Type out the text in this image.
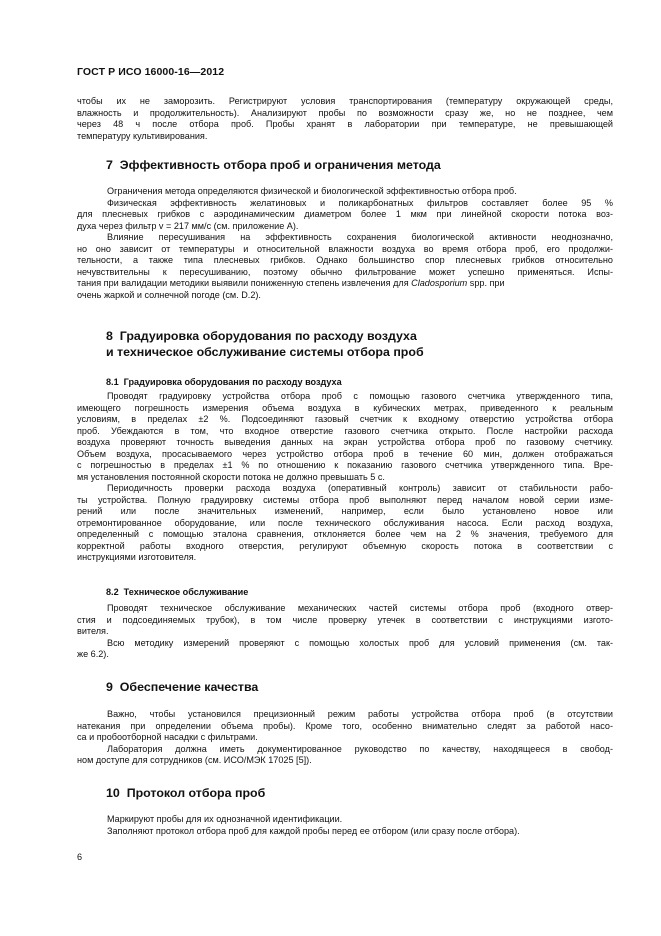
ГОСТ Р ИСО 16000-16—2012
чтобы их не заморозить. Регистрируют условия транспортирования (температуру окружающей среды,
влажность и продолжительность). Анализируют пробы по возможности сразу же, но не позднее, чем
через 48 ч после отбора проб. Пробы хранят в лаборатории при температуре, не превышающей
температуру культивирования.
7 Эффективность отбора проб и ограничения метода
Ограничения метода определяются физической и биологической эффективностью отбора проб.
Физическая эффективность желатиновых и поликарбонатных фильтров составляет более 95 %
для плесневых грибков с аэродинамическим диаметром более 1 мкм при линейной скорости потока воз-
духа через фильтр v = 217 мм/с (см. приложение А).
Влияние пересушивания на эффективность сохранения биологической активности неоднозначно,
но оно зависит от температуры и относительной влажности воздуха во время отбора проб, его продолжи-
тельности, а также типа плесневых грибков. Однако большинство спор плесневых грибков относительно
нечувствительны к пересушиванию, поэтому обычно фильтрование может успешно применяться. Испы-
тания при валидации методики выявили пониженную степень извлечения для Cladosporium spp. при
очень жаркой и солнечной погоде (см. D.2).
8 Градуировка оборудования по расходу воздуха
и техническое обслуживание системы отбора проб
8.1 Градуировка оборудования по расходу воздуха
Проводят градуировку устройства отбора проб с помощью газового счетчика утвержденного типа,
имеющего погрешность измерения объема воздуха в кубических метрах, приведенного к реальным
условиям, в пределах ±2 %. Подсоединяют газовый счетчик к входному отверстию устройства отбора
проб. Убеждаются в том, что входное отверстие газового счетчика открыто. После настройки расхода
воздуха проверяют точность выведения данных на экран устройства отбора проб по газовому счетчику.
Объем воздуха, просасываемого через устройство отбора проб в течение 60 мин, должен отображаться
с погрешностью в пределах ±1 % по отношению к показанию газового счетчика утвержденного типа. Вре-
мя установления постоянной скорости потока не должно превышать 5 с.
Периодичность проверки расхода воздуха (оперативный контроль) зависит от стабильности рабо-
ты устройства. Полную градуировку системы отбора проб выполняют перед началом новой серии изме-
рений или после значительных изменений, например, если было установлено новое или
отремонтированное оборудование, или после технического обслуживания насоса. Если расход воздуха,
определенный с помощью эталона сравнения, отклоняется более чем на 2 % значения, требуемого для
корректной работы входного отверстия, регулируют объемную скорость потока в соответствии с
инструкциями изготовителя.
8.2 Техническое обслуживание
Проводят техническое обслуживание механических частей системы отбора проб (входного отвер-
стия и подсоединяемых трубок), в том числе проверку утечек в соответствии с инструкциями изгото-
вителя.
Всю методику измерений проверяют с помощью холостых проб для условий применения (см. так-
же 6.2).
9 Обеспечение качества
Важно, чтобы установился прецизионный режим работы устройства отбора проб (в отсутствии
натекания при определении объема пробы). Кроме того, особенно внимательно следят за работой насо-
са и пробоотборной насадки с фильтрами.
Лаборатория должна иметь документированное руководство по качеству, находящееся в свобод-
ном доступе для сотрудников (см. ИСО/МЭК 17025 [5]).
10 Протокол отбора проб
Маркируют пробы для их однозначной идентификации.
Заполняют протокол отбора проб для каждой пробы перед ее отбором (или сразу после отбора).
6
